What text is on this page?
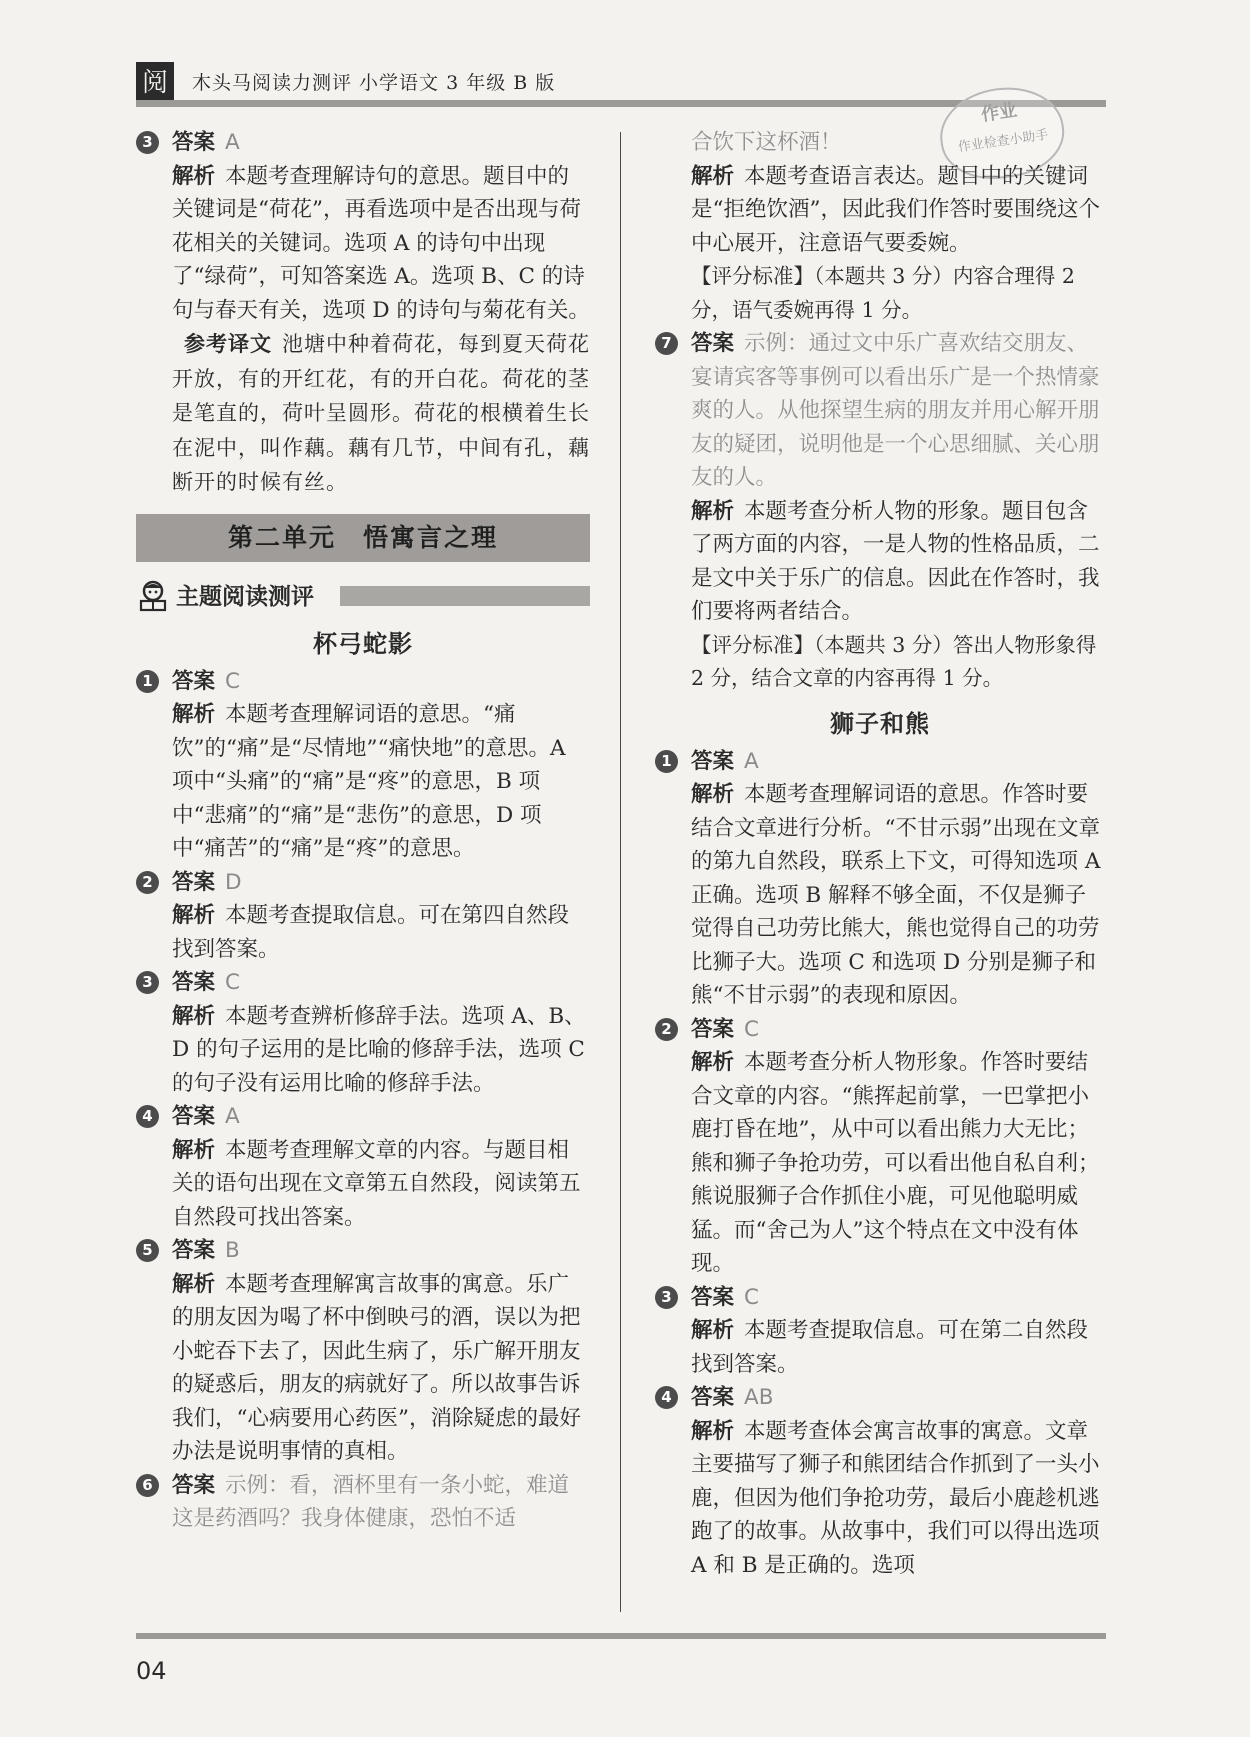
阅	木头马阅读力测评 小学语文 3 年级 B 版
作业
作业检查小助手
3 答案 A
解析 本题考查理解诗句的意思。题目中的关键词是“荷花”，再看选项中是否出现与荷花相关的关键词。选项 A 的诗句中出现了“绿荷”，可知答案选 A。选项 B、C 的诗句与春天有关，选项 D 的诗句与菊花有关。
参考译文 池塘中种着荷花，每到夏天荷花开放，有的开红花，有的开白花。荷花的茎是笔直的，荷叶呈圆形。荷花的根横着生长在泥中，叫作藕。藕有几节，中间有孔，藕断开的时候有丝。
第二单元　悟寓言之理
主题阅读测评
杯弓蛇影
1 答案 C
解析 本题考查理解词语的意思。“痛饮”的“痛”是“尽情地”“痛快地”的意思。A 项中“头痛”的“痛”是“疼”的意思，B 项中“悲痛”的“痛”是“悲伤”的意思，D 项中“痛苦”的“痛”是“疼”的意思。
2 答案 D
解析 本题考查提取信息。可在第四自然段找到答案。
3 答案 C
解析 本题考查辨析修辞手法。选项 A、B、D 的句子运用的是比喻的修辞手法，选项 C 的句子没有运用比喻的修辞手法。
4 答案 A
解析 本题考查理解文章的内容。与题目相关的语句出现在文章第五自然段，阅读第五自然段可找出答案。
5 答案 B
解析 本题考查理解寓言故事的寓意。乐广的朋友因为喝了杯中倒映弓的酒，误以为把小蛇吞下去了，因此生病了，乐广解开朋友的疑惑后，朋友的病就好了。所以故事告诉我们，“心病要用心药医”，消除疑虑的最好办法是说明事情的真相。
6 答案 示例：看，酒杯里有一条小蛇，难道这是药酒吗？我身体健康，恐怕不适
合饮下这杯酒！
解析 本题考查语言表达。题目中的关键词是“拒绝饮酒”，因此我们作答时要围绕这个中心展开，注意语气要委婉。
【评分标准】（本题共 3 分）内容合理得 2 分，语气委婉再得 1 分。
7 答案 示例：通过文中乐广喜欢结交朋友、宴请宾客等事例可以看出乐广是一个热情豪爽的人。从他探望生病的朋友并用心解开朋友的疑团，说明他是一个心思细腻、关心朋友的人。
解析 本题考查分析人物的形象。题目包含了两方面的内容，一是人物的性格品质，二是文中关于乐广的信息。因此在作答时，我们要将两者结合。
【评分标准】（本题共 3 分）答出人物形象得 2 分，结合文章的内容再得 1 分。
狮子和熊
1 答案 A
解析 本题考查理解词语的意思。作答时要结合文章进行分析。“不甘示弱”出现在文章的第九自然段，联系上下文，可得知选项 A 正确。选项 B 解释不够全面，不仅是狮子觉得自己功劳比熊大，熊也觉得自己的功劳比狮子大。选项 C 和选项 D 分别是狮子和熊“不甘示弱”的表现和原因。
2 答案 C
解析 本题考查分析人物形象。作答时要结合文章的内容。“熊挥起前掌，一巴掌把小鹿打昏在地”，从中可以看出熊力大无比；熊和狮子争抢功劳，可以看出他自私自利；熊说服狮子合作抓住小鹿，可见他聪明威猛。而“舍己为人”这个特点在文中没有体现。
3 答案 C
解析 本题考查提取信息。可在第二自然段找到答案。
4 答案 AB
解析 本题考查体会寓言故事的寓意。文章主要描写了狮子和熊团结合作抓到了一头小鹿，但因为他们争抢功劳，最后小鹿趁机逃跑了的故事。从故事中，我们可以得出选项 A 和 B 是正确的。选项
04
